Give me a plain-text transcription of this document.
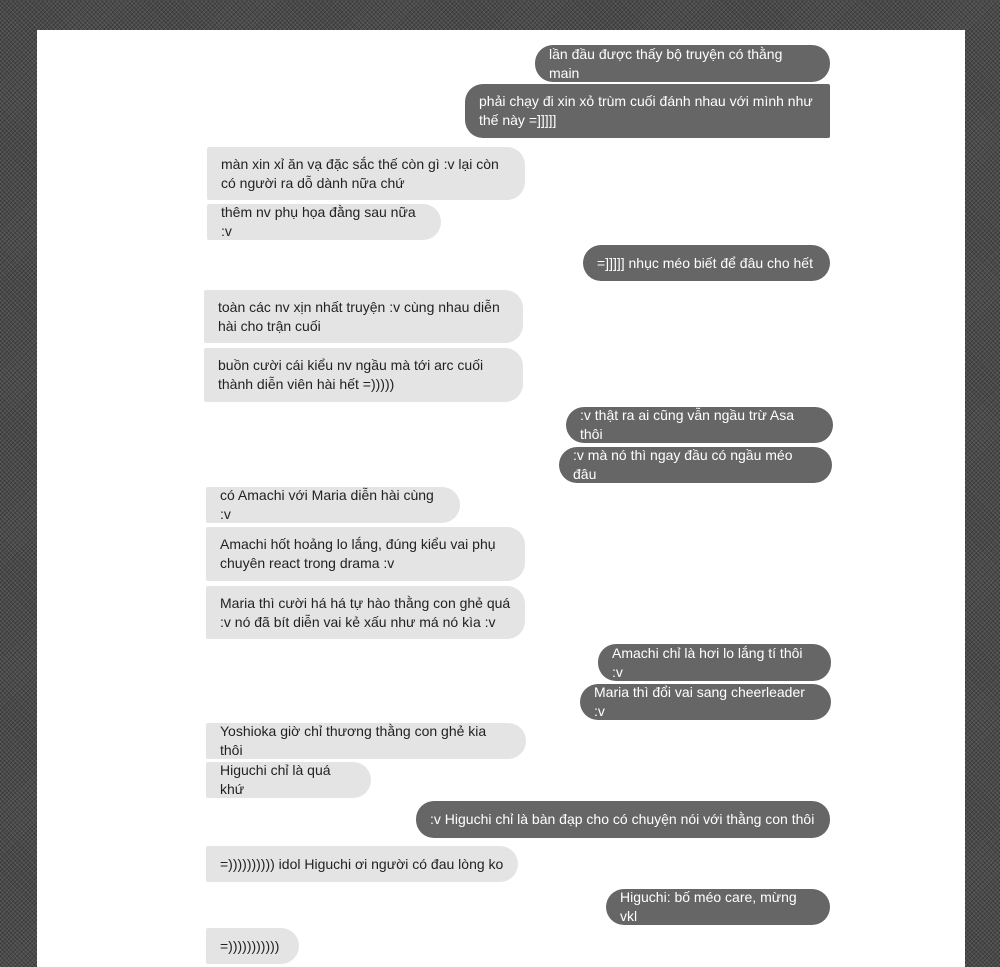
lần đầu được thấy bộ truyện có thằng main
phải chạy đi xin xỏ trùm cuối đánh nhau với mình như thế này =]]]]]
màn xin xỉ ăn vạ đặc sắc thế còn gì :v lại còn có người ra dỗ dành nữa chứ
thêm nv phụ họa đằng sau nữa :v
=]]]]] nhục méo biết để đâu cho hết
toàn các nv xịn nhất truyện :v cùng nhau diễn hài cho trận cuối
buồn cười cái kiểu nv ngầu mà tới arc cuối thành diễn viên hài hết =)))))
:v thật ra ai cũng vẫn ngầu trừ Asa thôi
:v mà nó thì ngay đầu có ngầu méo đâu
có Amachi với Maria diễn hài cùng :v
Amachi hốt hoảng lo lắng, đúng kiểu vai phụ chuyên react trong drama :v
Maria thì cười há há tự hào thằng con ghẻ quá :v nó đã bít diễn vai kẻ xấu như má nó kìa :v
Amachi chỉ là hơi lo lắng tí thôi :v
Maria thì đổi vai sang cheerleader :v
Yoshioka giờ chỉ thương thằng con ghẻ kia thôi
Higuchi chỉ là quá khứ
:v Higuchi chỉ là bàn đạp cho có chuyện nói với thằng con thôi
=)))))))))) idol Higuchi ơi người có đau lòng ko
Higuchi: bố méo care, mừng vkl
=)))))))))))
